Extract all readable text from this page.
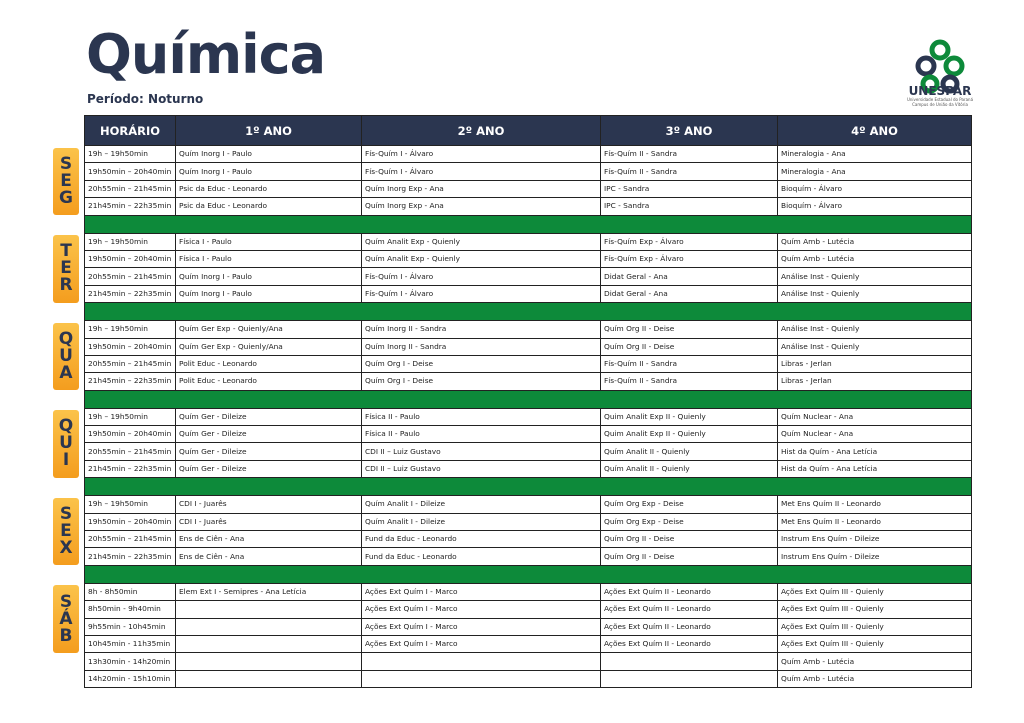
Química
Período: Noturno
UNESPAR
Universidade Estadual do Paraná
Campus de União da Vitória
HORÁRIO	1º ANO	2º ANO	3º ANO	4º ANO
19h – 19h50min	Quím Inorg I - Paulo	Fís-Quím I - Álvaro	Fís-Quím II - Sandra	Mineralogia - Ana
19h50min – 20h40min	Quím Inorg I - Paulo	Fís-Quím I - Álvaro	Fís-Quím II - Sandra	Mineralogia - Ana
20h55min – 21h45min	Psic da Educ - Leonardo	Quím Inorg Exp - Ana	IPC - Sandra	Bioquím - Álvaro
21h45min – 22h35min	Psic da Educ - Leonardo	Quím Inorg Exp - Ana	IPC - Sandra	Bioquím - Álvaro

19h – 19h50min	Física I - Paulo	Quím Analit Exp - Quienly	Fís-Quím Exp - Álvaro	Quím Amb - Lutécia
19h50min – 20h40min	Física I - Paulo	Quím Analit Exp - Quienly	Fís-Quím Exp - Álvaro	Quím Amb - Lutécia
20h55min – 21h45min	Quím Inorg I - Paulo	Fís-Quím I - Álvaro	Didat Geral - Ana	Análise Inst - Quienly
21h45min – 22h35min	Quím Inorg I - Paulo	Fís-Quím I - Álvaro	Didat Geral - Ana	Análise Inst - Quienly

19h – 19h50min	Quím Ger Exp - Quienly/Ana	Quím Inorg II - Sandra	Quím Org II - Deise	Análise Inst - Quienly
19h50min – 20h40min	Quím Ger Exp - Quienly/Ana	Quím Inorg II - Sandra	Quím Org II - Deise	Análise Inst - Quienly
20h55min – 21h45min	Polit Educ - Leonardo	Quím Org I - Deise	Fís-Quím II - Sandra	Libras - Jerlan
21h45min – 22h35min	Polit Educ - Leonardo	Quím Org I - Deise	Fís-Quím II - Sandra	Libras - Jerlan

19h – 19h50min	Quím Ger - Dileize	Física II - Paulo	Quim Analit Exp II - Quienly	Quím Nuclear - Ana
19h50min – 20h40min	Quím Ger - Dileize	Física II - Paulo	Quim Analit Exp II - Quienly	Quím Nuclear - Ana
20h55min – 21h45min	Quím Ger - Dileize	CDI II – Luiz Gustavo	Quím Analit II - Quienly	Hist da Quím - Ana Letícia
21h45min – 22h35min	Quím Ger - Dileize	CDI II – Luiz Gustavo	Quím Analit II - Quienly	Hist da Quím - Ana Letícia

19h – 19h50min	CDI I - Juarês	Quím Analit I - Dileize	Quím Org Exp - Deise	Met Ens Quím II - Leonardo
19h50min – 20h40min	CDI I - Juarês	Quím Analit I - Dileize	Quím Org Exp - Deise	Met Ens Quím II - Leonardo
20h55min – 21h45min	Ens de Ciên - Ana	Fund da Educ - Leonardo	Quím Org II - Deise	Instrum Ens Quím - Dileize
21h45min – 22h35min	Ens de Ciên - Ana	Fund da Educ - Leonardo	Quím Org II - Deise	Instrum Ens Quím - Dileize

8h - 8h50min	Elem Ext I - Semipres - Ana Letícia	Ações Ext Quím I - Marco	Ações Ext Quím II - Leonardo	Ações Ext Quím III - Quienly
8h50min - 9h40min		Ações Ext Quím I - Marco	Ações Ext Quím II - Leonardo	Ações Ext Quím III - Quienly
9h55min - 10h45min		Ações Ext Quím I - Marco	Ações Ext Quím II - Leonardo	Ações Ext Quím III - Quienly
10h45min - 11h35min		Ações Ext Quím I - Marco	Ações Ext Quím II - Leonardo	Ações Ext Quím III - Quienly
13h30min - 14h20min				Quím Amb - Lutécia
14h20min - 15h10min				Quím Amb - Lutécia
S
E
G
T
E
R
Q
U
A
Q
U
I
S
E
X
S
Á
B
